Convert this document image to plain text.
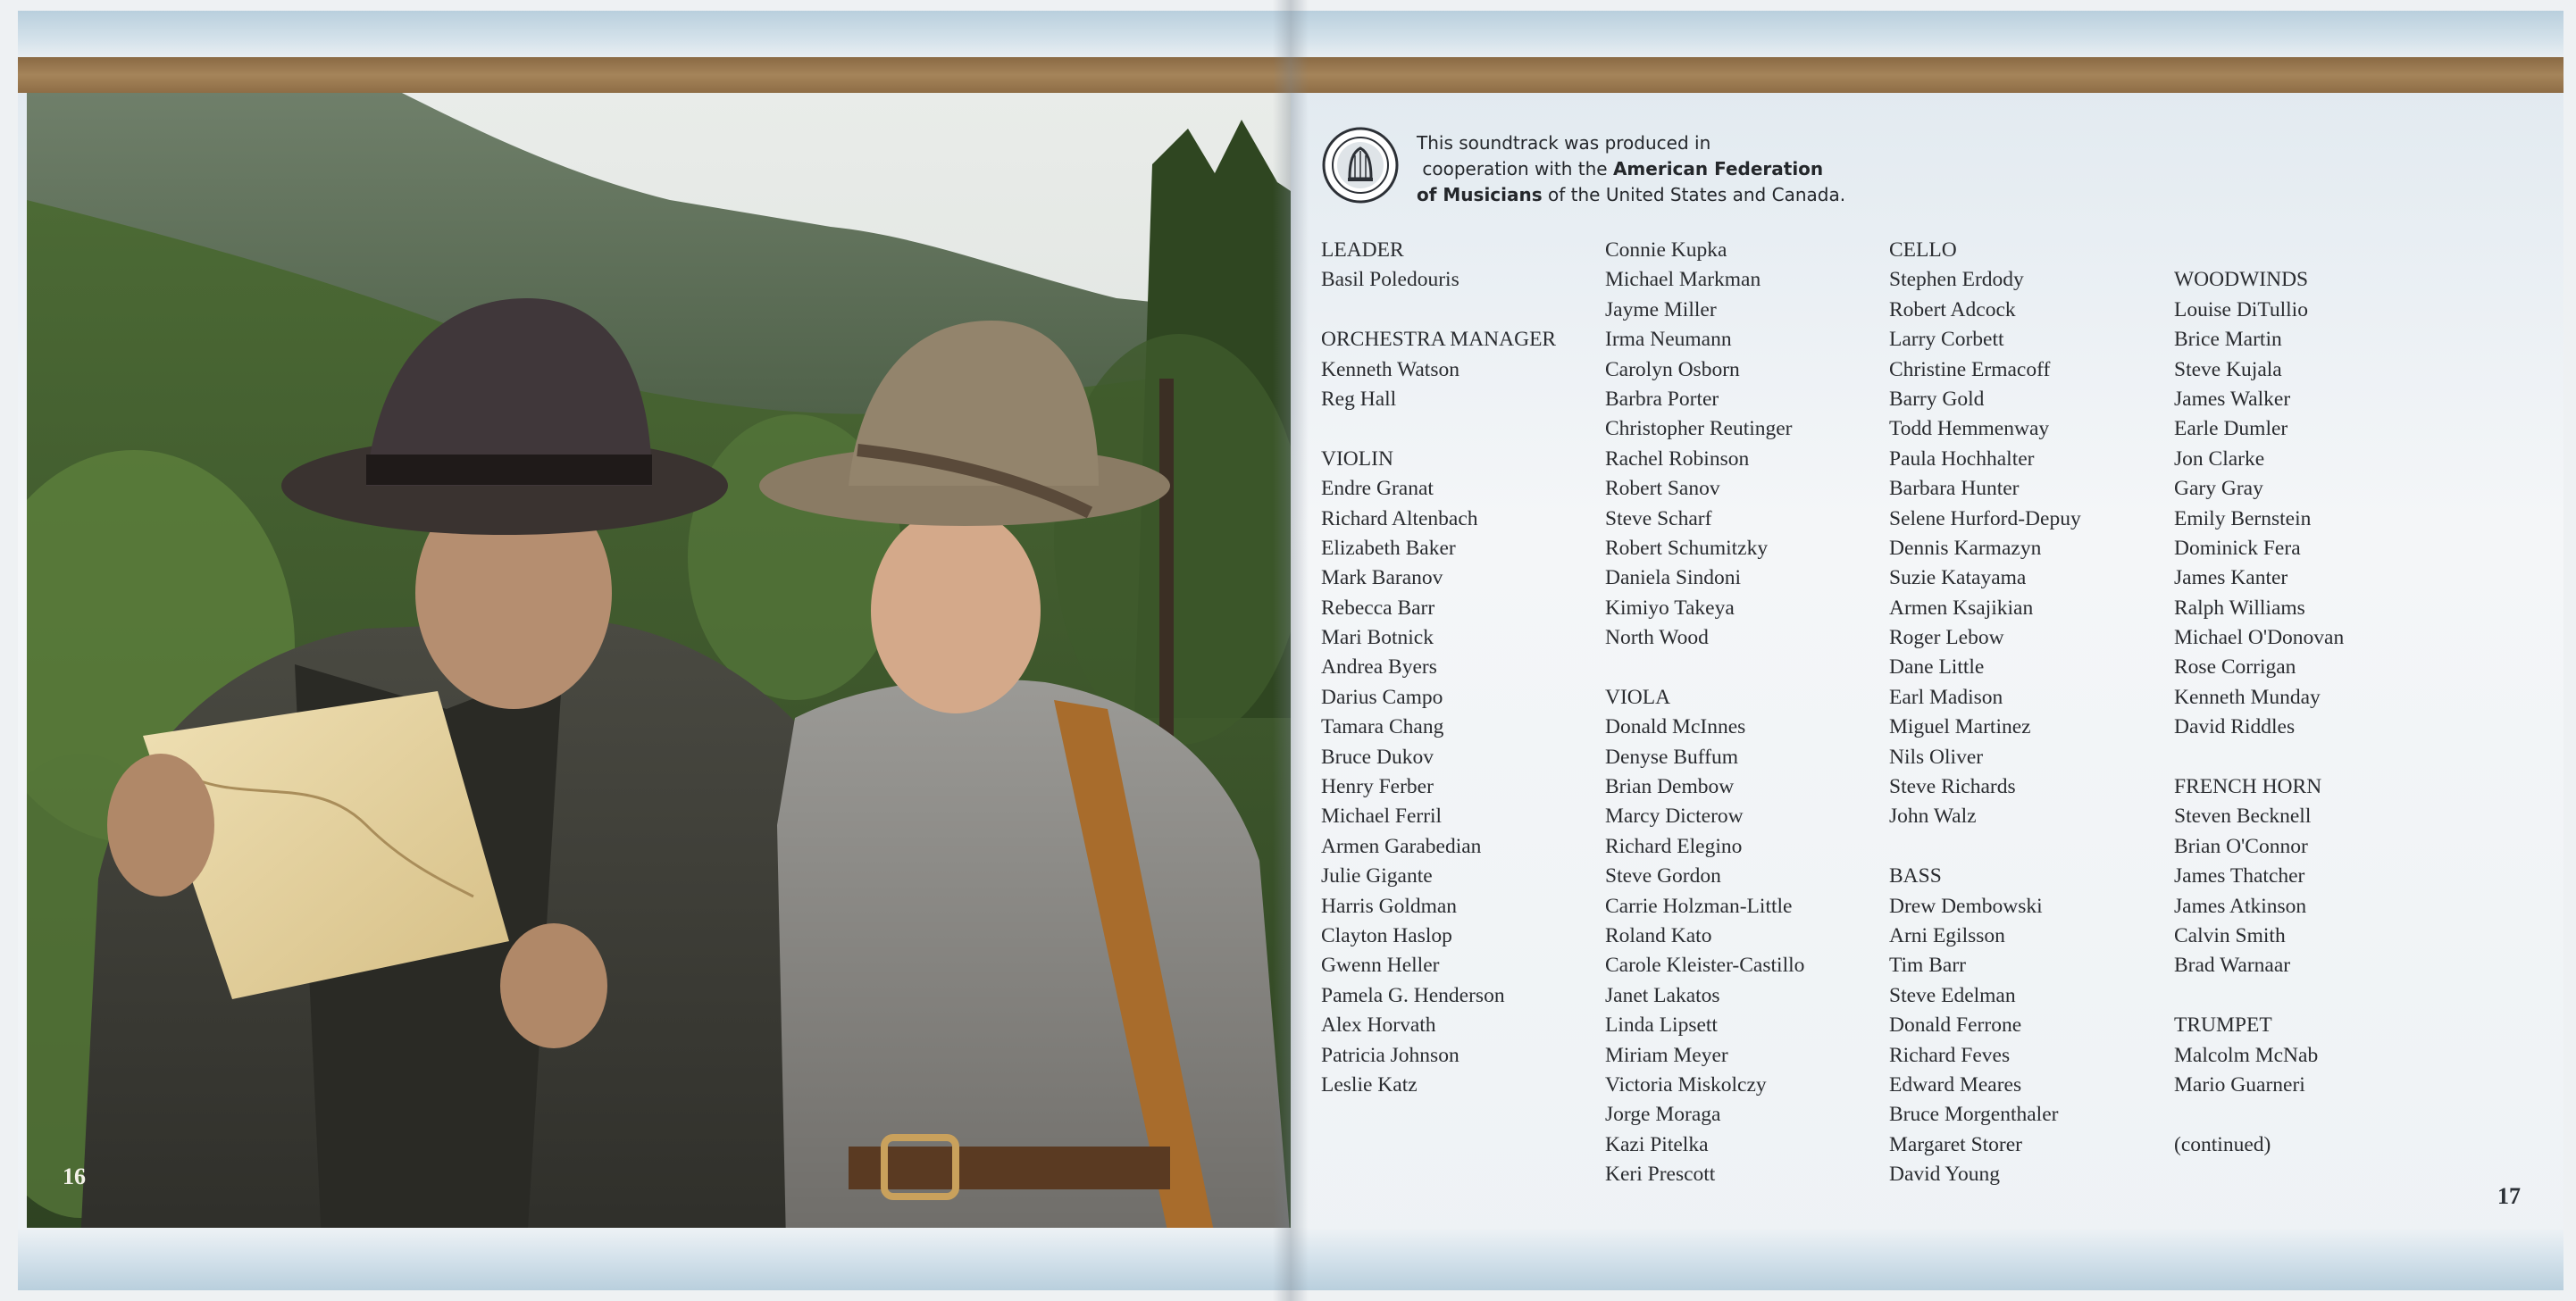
16
17
This soundtrack was produced in
cooperation with the American Federation
of Musicians of the United States and Canada.
LEADER
Basil Poledouris
ORCHESTRA MANAGER
Kenneth Watson
Reg Hall
VIOLIN
Endre Granat
Richard Altenbach
Elizabeth Baker
Mark Baranov
Rebecca Barr
Mari Botnick
Andrea Byers
Darius Campo
Tamara Chang
Bruce Dukov
Henry Ferber
Michael Ferril
Armen Garabedian
Julie Gigante
Harris Goldman
Clayton Haslop
Gwenn Heller
Pamela G. Henderson
Alex Horvath
Patricia Johnson
Leslie Katz
Connie Kupka
Michael Markman
Jayme Miller
Irma Neumann
Carolyn Osborn
Barbra Porter
Christopher Reutinger
Rachel Robinson
Robert Sanov
Steve Scharf
Robert Schumitzky
Daniela Sindoni
Kimiyo Takeya
North Wood
VIOLA
Donald McInnes
Denyse Buffum
Brian Dembow
Marcy Dicterow
Richard Elegino
Steve Gordon
Carrie Holzman-Little
Roland Kato
Carole Kleister-Castillo
Janet Lakatos
Linda Lipsett
Miriam Meyer
Victoria Miskolczy
Jorge Moraga
Kazi Pitelka
Keri Prescott
CELLO
Stephen Erdody
Robert Adcock
Larry Corbett
Christine Ermacoff
Barry Gold
Todd Hemmenway
Paula Hochhalter
Barbara Hunter
Selene Hurford-Depuy
Dennis Karmazyn
Suzie Katayama
Armen Ksajikian
Roger Lebow
Dane Little
Earl Madison
Miguel Martinez
Nils Oliver
Steve Richards
John Walz
BASS
Drew Dembowski
Arni Egilsson
Tim Barr
Steve Edelman
Donald Ferrone
Richard Feves
Edward Meares
Bruce Morgenthaler
Margaret Storer
David Young
WOODWINDS
Louise DiTullio
Brice Martin
Steve Kujala
James Walker
Earle Dumler
Jon Clarke
Gary Gray
Emily Bernstein
Dominick Fera
James Kanter
Ralph Williams
Michael O'Donovan
Rose Corrigan
Kenneth Munday
David Riddles
FRENCH HORN
Steven Becknell
Brian O'Connor
James Thatcher
James Atkinson
Calvin Smith
Brad Warnaar
TRUMPET
Malcolm McNab
Mario Guarneri
(continued)
